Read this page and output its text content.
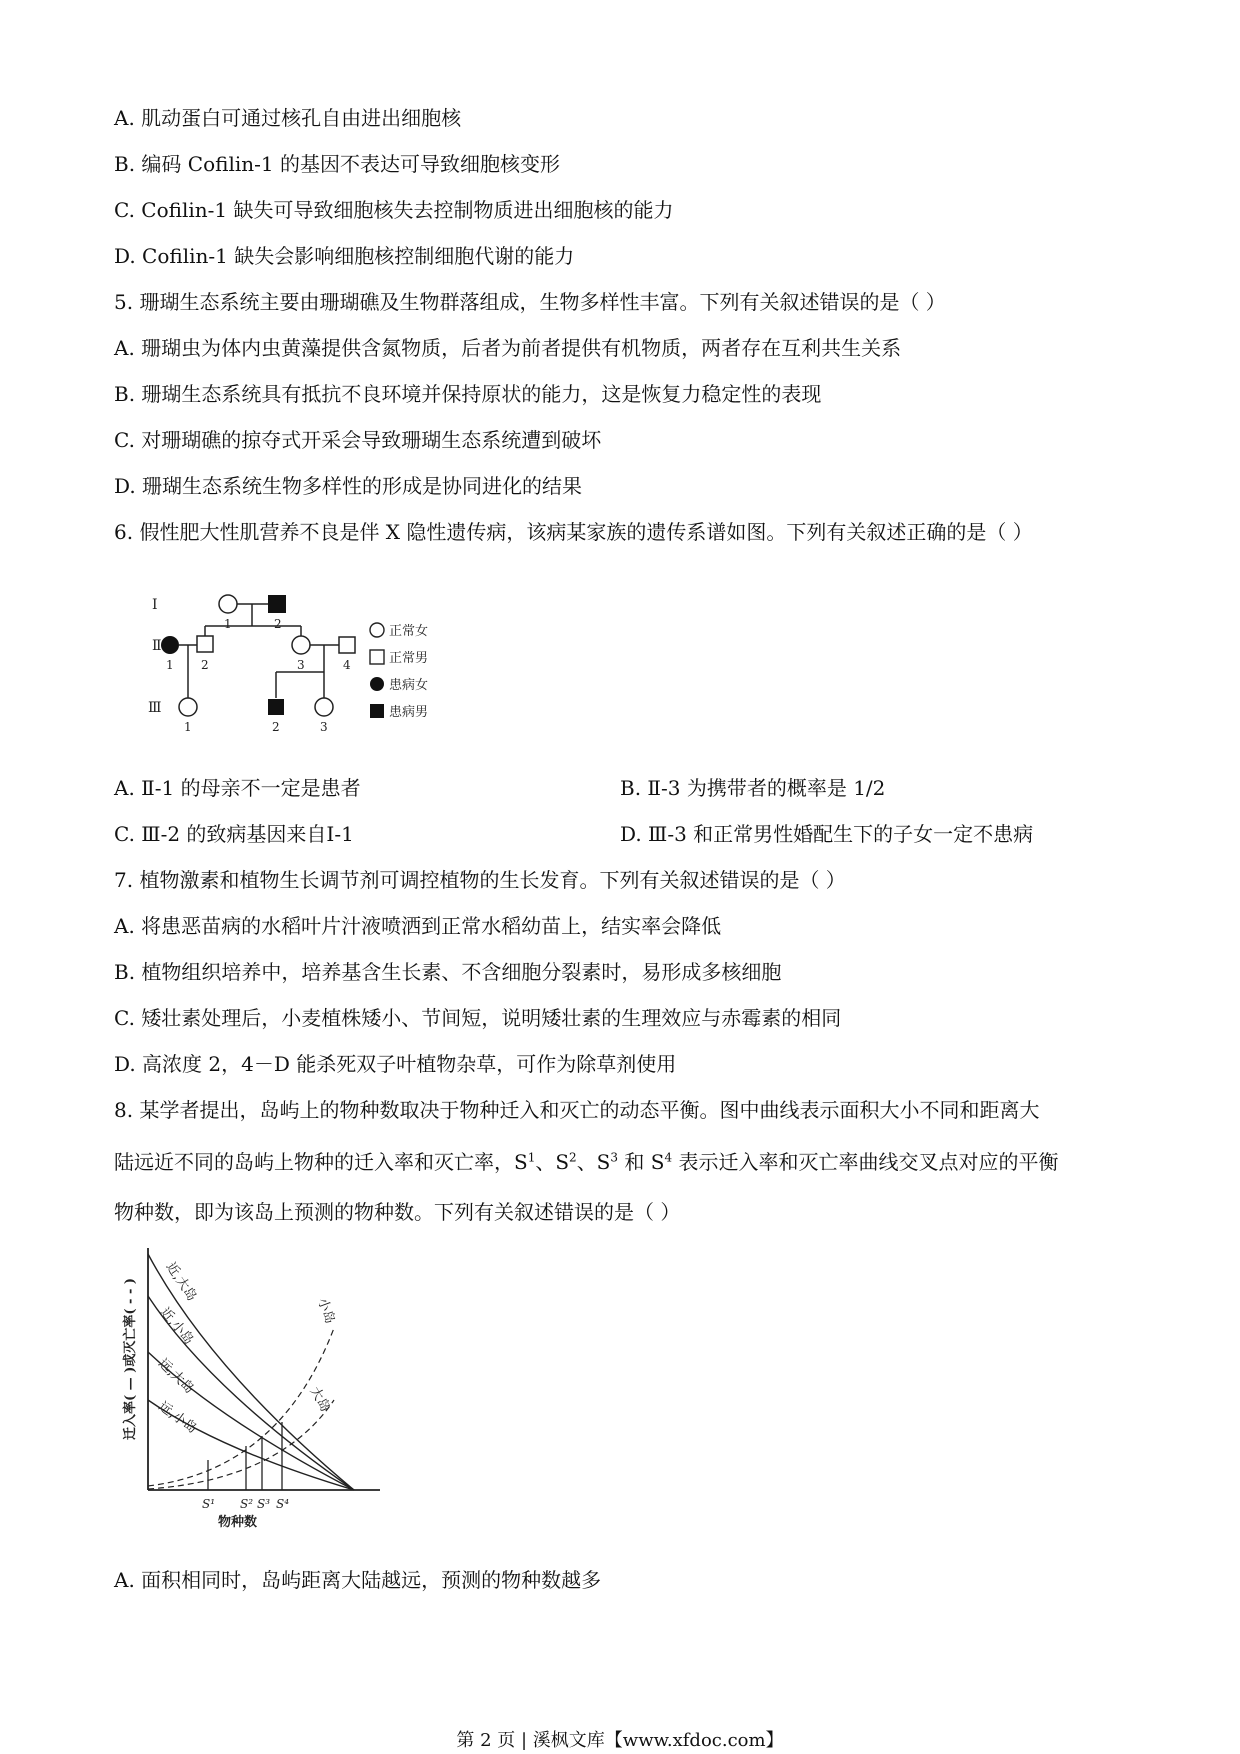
A. 肌动蛋白可通过核孔自由进出细胞核
B. 编码 Cofilin-1 的基因不表达可导致细胞核变形
C. Cofilin-1 缺失可导致细胞核失去控制物质进出细胞核的能力
D. Cofilin-1 缺失会影响细胞核控制细胞代谢的能力
5. 珊瑚生态系统主要由珊瑚礁及生物群落组成，生物多样性丰富。下列有关叙述错误的是（ ）
A. 珊瑚虫为体内虫黄藻提供含氮物质，后者为前者提供有机物质，两者存在互利共生关系
B. 珊瑚生态系统具有抵抗不良环境并保持原状的能力，这是恢复力稳定性的表现
C. 对珊瑚礁的掠夺式开采会导致珊瑚生态系统遭到破坏
D. 珊瑚生态系统生物多样性的形成是协同进化的结果
6. 假性肥大性肌营养不良是伴 X 隐性遗传病，该病某家族的遗传系谱如图。下列有关叙述正确的是（ ）
Ⅰ
Ⅱ
Ⅲ
1	2
1 2	3	4
1	2	3
正常女
正常男
患病女
患病男
A. Ⅱ-1 的母亲不一定是患者	B. Ⅱ-3 为携带者的概率是 1/2
C. Ⅲ-2 的致病基因来自Ⅰ-1	D. Ⅲ-3 和正常男性婚配生下的子女一定不患病
7. 植物激素和植物生长调节剂可调控植物的生长发育。下列有关叙述错误的是（ ）
A. 将患恶苗病的水稻叶片汁液喷洒到正常水稻幼苗上，结实率会降低
B. 植物组织培养中，培养基含生长素、不含细胞分裂素时，易形成多核细胞
C. 矮壮素处理后，小麦植株矮小、节间短，说明矮壮素的生理效应与赤霉素的相同
D. 高浓度 2，4－D 能杀死双子叶植物杂草，可作为除草剂使用
8. 某学者提出，岛屿上的物种数取决于物种迁入和灭亡的动态平衡。图中曲线表示面积大小不同和距离大
陆远近不同的岛屿上物种的迁入率和灭亡率，$S^1$、$S^2$、$S^3$ 和 $S^4$ 表示迁入率和灭亡率曲线交叉点对应的平衡
物种数，即为该岛上预测的物种数。下列有关叙述错误的是（ ）
近,大岛
近,小岛
远,大岛
远,小岛
小岛
大岛
迁入率( — )或灭亡率( - - )
S¹ S² S³ S⁴
物种数
A. 面积相同时，岛屿距离大陆越远，预测的物种数越多
第 2 页 | 溪枫文库【www.xfdoc.com】
